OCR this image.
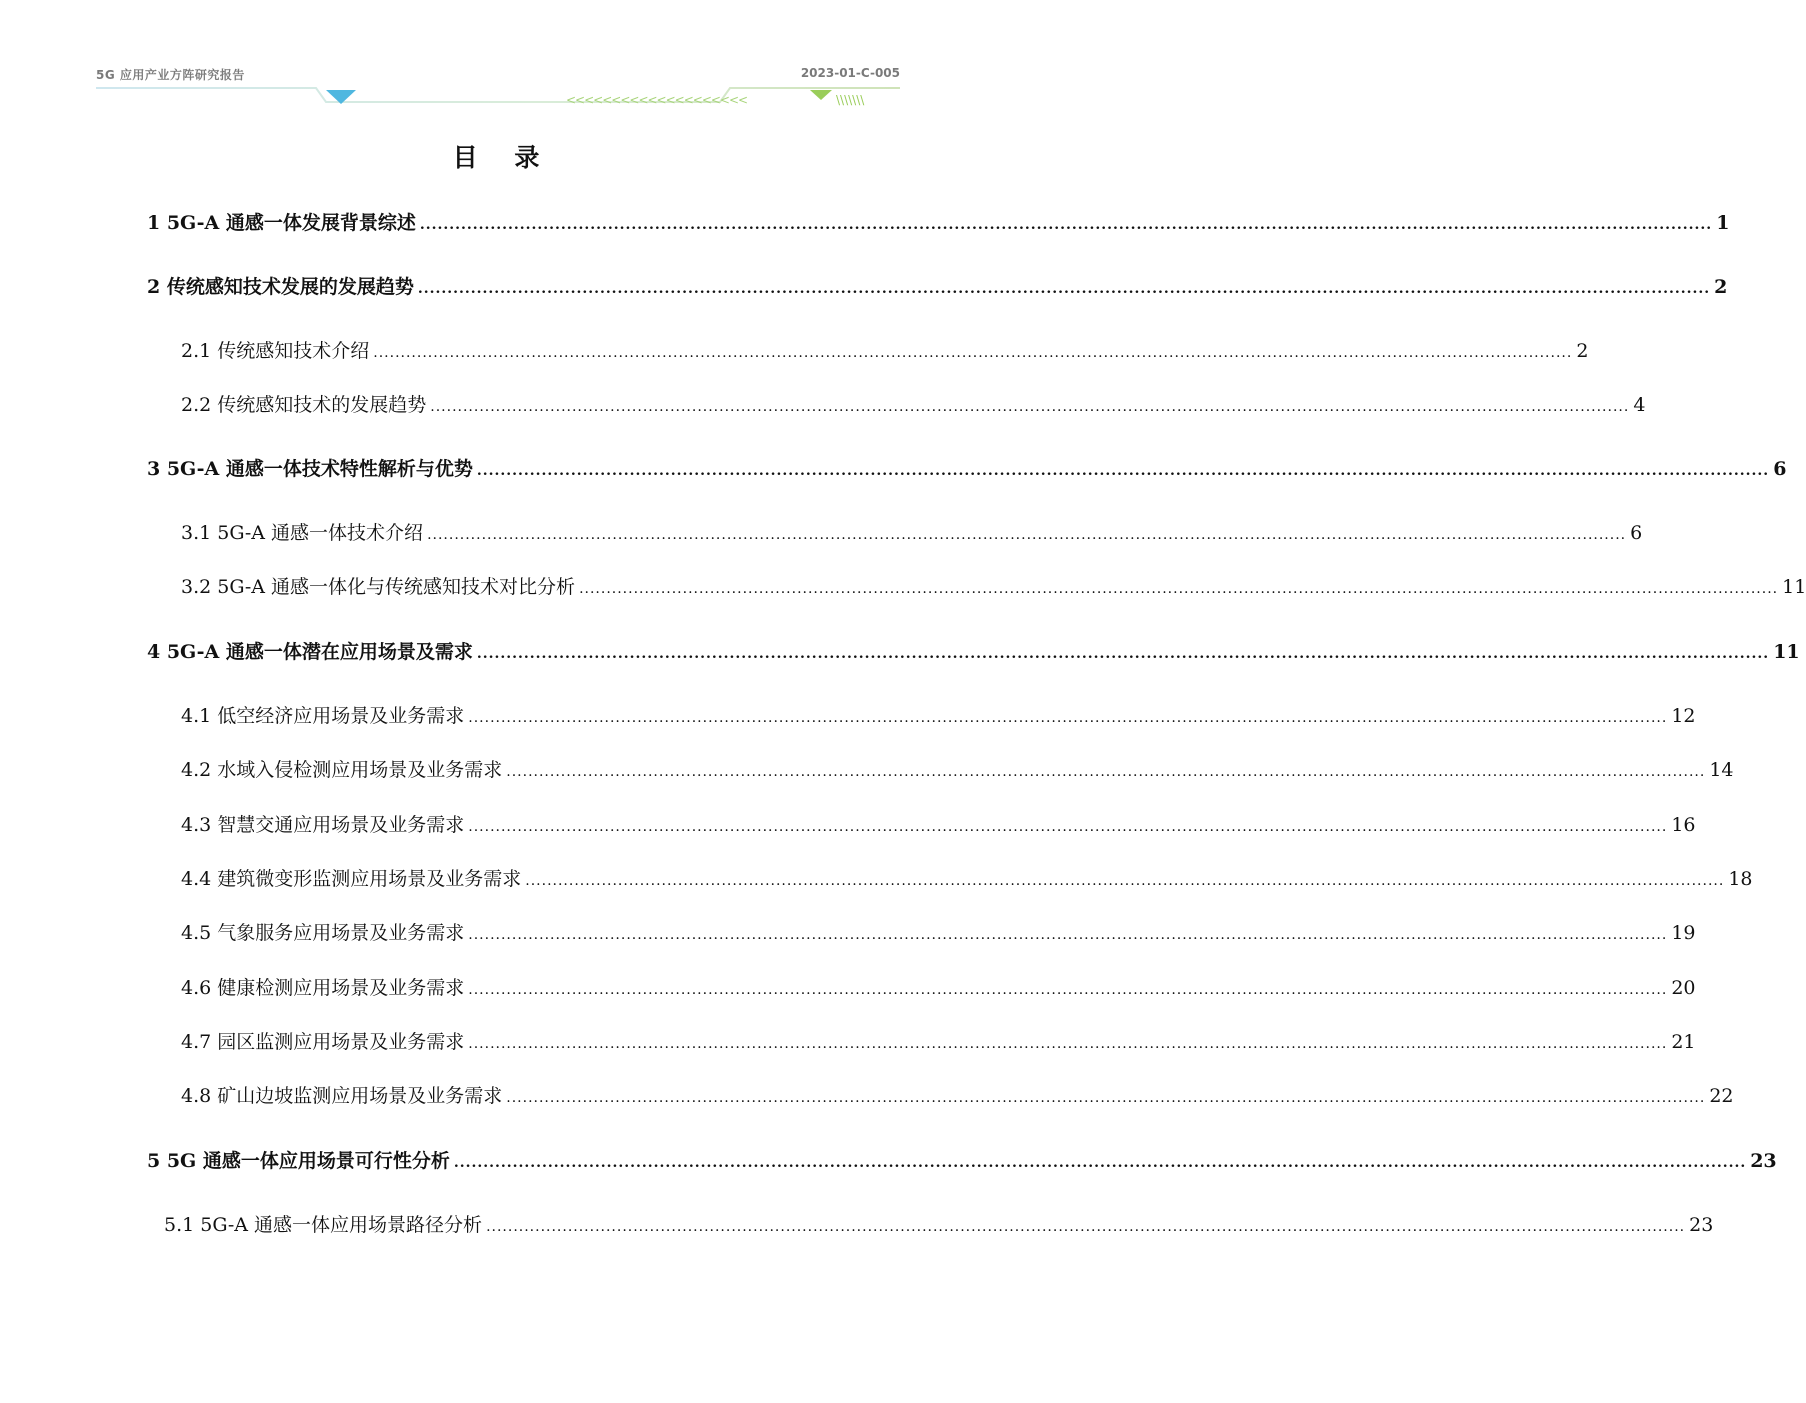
5G 应用产业方阵研究报告	2023-01-C-005
<<<<<<<<<<<<<<<<<<<<	\\\\\\\
目 录
1 5G-A 通感一体发展背景综述 ............................................................................................................................................................................................................................ 1
2 传统感知技术发展的发展趋势 ............................................................................................................................................................................................................................ 2
2.1 传统感知技术介绍 ............................................................................................................................................................................................................................ 2
2.2 传统感知技术的发展趋势 ............................................................................................................................................................................................................................ 4
3 5G-A 通感一体技术特性解析与优势 ............................................................................................................................................................................................................................ 6
3.1 5G-A 通感一体技术介绍 ............................................................................................................................................................................................................................ 6
3.2 5G-A 通感一体化与传统感知技术对比分析 ............................................................................................................................................................................................................................ 11
4 5G-A 通感一体潜在应用场景及需求 ............................................................................................................................................................................................................................ 11
4.1 低空经济应用场景及业务需求 ............................................................................................................................................................................................................................ 12
4.2 水域入侵检测应用场景及业务需求 ............................................................................................................................................................................................................................ 14
4.3 智慧交通应用场景及业务需求 ............................................................................................................................................................................................................................ 16
4.4 建筑微变形监测应用场景及业务需求 ............................................................................................................................................................................................................................ 18
4.5 气象服务应用场景及业务需求 ............................................................................................................................................................................................................................ 19
4.6 健康检测应用场景及业务需求 ............................................................................................................................................................................................................................ 20
4.7 园区监测应用场景及业务需求 ............................................................................................................................................................................................................................ 21
4.8 矿山边坡监测应用场景及业务需求 ............................................................................................................................................................................................................................ 22
5 5G 通感一体应用场景可行性分析 ............................................................................................................................................................................................................................ 23
5.1 5G-A 通感一体应用场景路径分析 ............................................................................................................................................................................................................................ 23
